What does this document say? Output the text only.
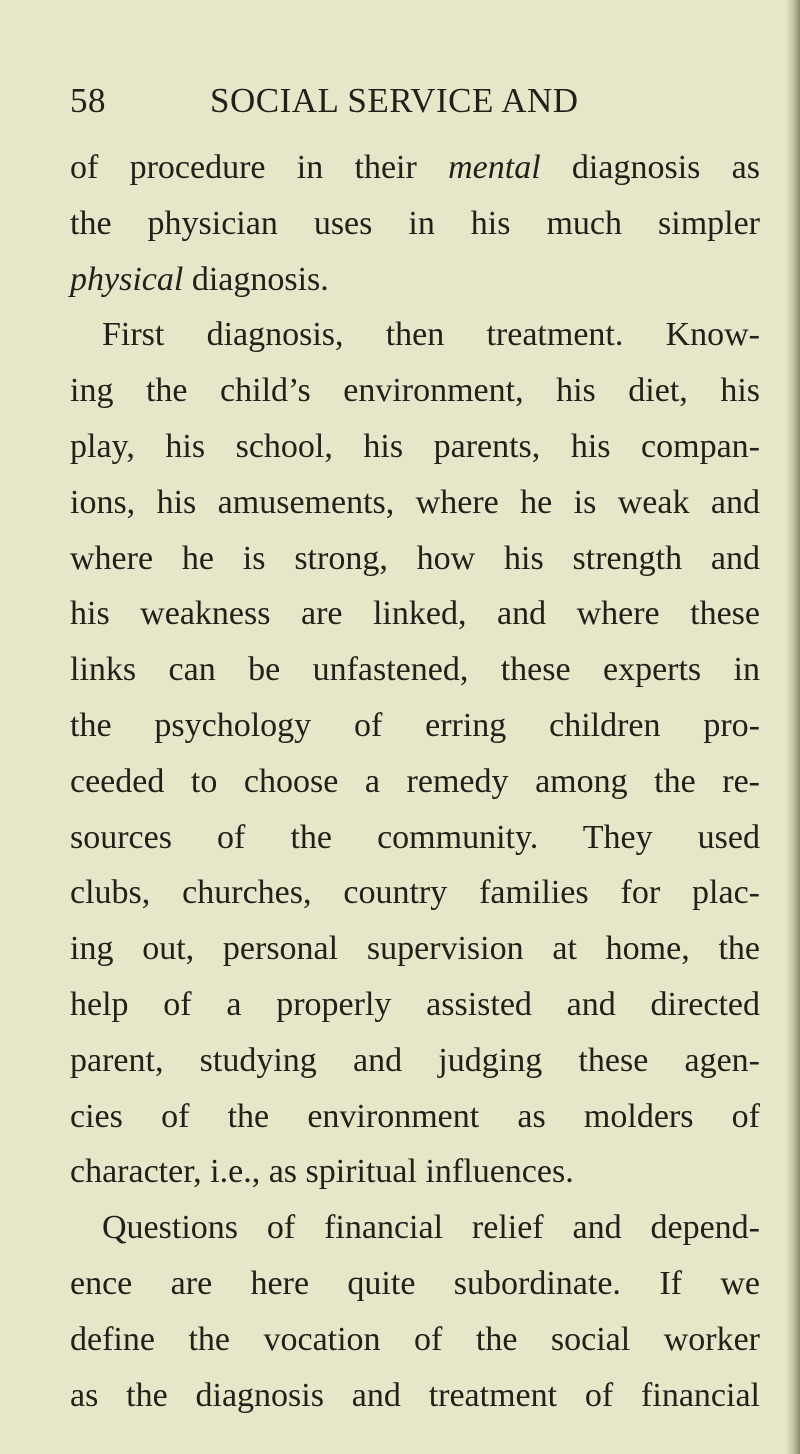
58	SOCIAL SERVICE AND
of procedure in their mental diagnosis as
the physician uses in his much simpler
physical diagnosis.
First diagnosis, then treatment. Know-
ing the child’s environment, his diet, his
play, his school, his parents, his compan-
ions, his amusements, where he is weak and
where he is strong, how his strength and
his weakness are linked, and where these
links can be unfastened, these experts in
the psychology of erring children pro-
ceeded to choose a remedy among the re-
sources of the community. They used
clubs, churches, country families for plac-
ing out, personal supervision at home, the
help of a properly assisted and directed
parent, studying and judging these agen-
cies of the environment as molders of
character, i.e., as spiritual influences.
Questions of financial relief and depend-
ence are here quite subordinate. If we
define the vocation of the social worker
as the diagnosis and treatment of financial
